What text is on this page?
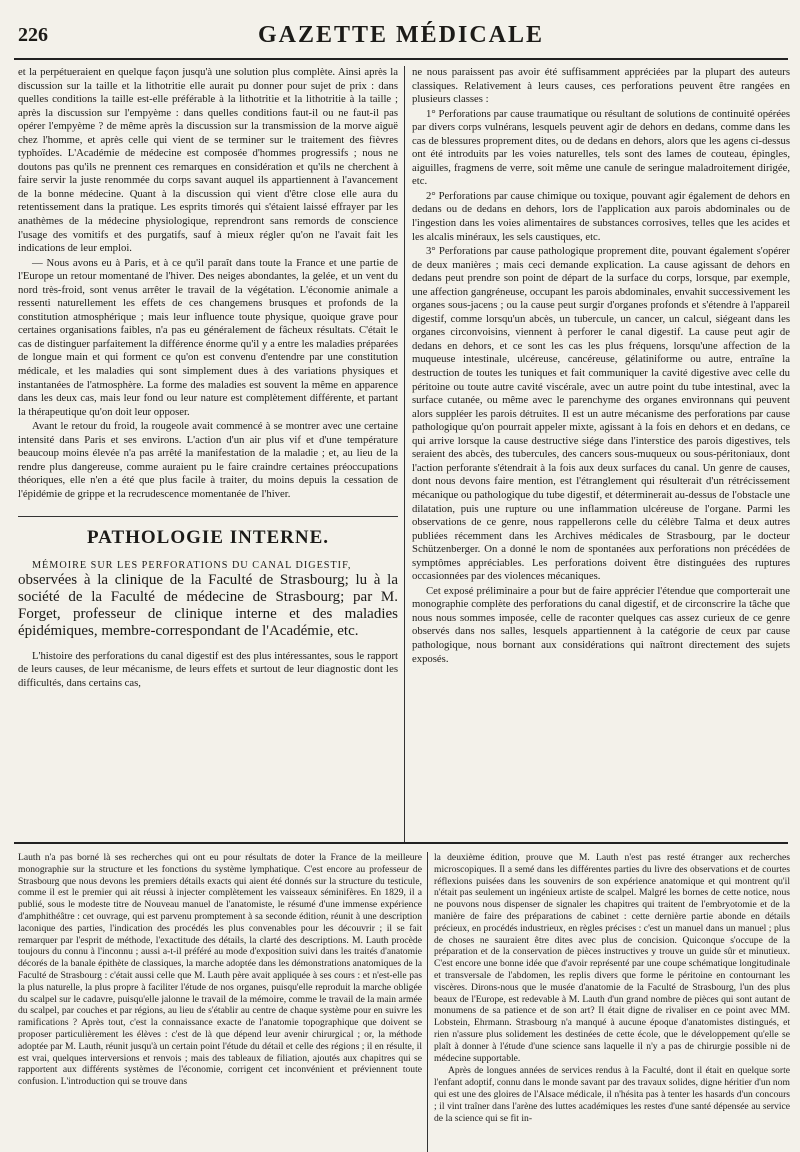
226	GAZETTE MÉDICALE

et la perpétueraient en quelque façon jusqu'à une solution plus complète. Ainsi après la discussion sur la taille et la lithotritie elle aurait pu donner pour sujet de prix : dans quelles conditions la taille est-elle préférable à la lithotritie et la lithotritie à la taille ; après la discussion sur l'empyème : dans quelles conditions faut-il ou ne faut-il pas opérer l'empyème ? de même après la discussion sur la transmission de la morve aiguë chez l'homme, et après celle qui vient de se terminer sur le traitement des fièvres typhoïdes. L'Académie de médecine est composée d'hommes progressifs ; nous ne doutons pas qu'ils ne prennent ces remarques en considération et qu'ils ne cherchent à faire servir la juste renommée du corps savant auquel ils appartiennent à l'avancement de la bonne médecine. Quant à la discussion qui vient d'être close elle aura du retentissement dans la pratique. Les esprits timorés qui s'étaient laissé effrayer par les anathèmes de la médecine physiologique, reprendront sans remords de conscience l'usage des vomitifs et des purgatifs, sauf à mieux régler qu'on ne l'avait fait les indications de leur emploi.

— Nous avons eu à Paris, et à ce qu'il paraît dans toute la France et une partie de l'Europe un retour momentané de l'hiver. Des neiges abondantes, la gelée, et un vent du nord très-froid, sont venus arrêter le travail de la végétation. L'économie animale a ressenti naturellement les effets de ces changemens brusques et profonds de la constitution atmosphérique ; mais leur influence toute physique, quoique grave pour certaines organisations faibles, n'a pas eu généralement de fâcheux résultats. C'était le cas de distinguer parfaitement la différence énorme qu'il y a entre les maladies préparées de longue main et qui forment ce qu'on est convenu d'entendre par une constitution médicale, et les maladies qui sont simplement dues à des variations physiques et instantanées de l'atmosphère. La forme des maladies est souvent la même en apparence dans les deux cas, mais leur fond ou leur nature est complètement différente, et partant la thérapeutique qu'on doit leur opposer.

Avant le retour du froid, la rougeole avait commencé à se montrer avec une certaine intensité dans Paris et ses environs. L'action d'un air plus vif et d'une température beaucoup moins élevée n'a pas arrêté la manifestation de la maladie ; et, au lieu de la rendre plus dangereuse, comme auraient pu le faire craindre certaines préoccupations théoriques, elle n'en a été que plus facile à traiter, du moins depuis la cessation de l'épidémie de grippe et la recrudescence momentanée de l'hiver.

PATHOLOGIE INTERNE.

MÉMOIRE SUR LES PERFORATIONS DU CANAL DIGESTIF,

observées à la clinique de la Faculté de Strasbourg; lu à la société de la Faculté de médecine de Strasbourg; par M. Forget, professeur de clinique interne et des maladies épidémiques, membre-correspondant de l'Académie, etc.

L'histoire des perforations du canal digestif est des plus intéressantes, sous le rapport de leurs causes, de leur mécanisme, de leurs effets et surtout de leur diagnostic dont les difficultés, dans certains cas,

ne nous paraissent pas avoir été suffisamment appréciées par la plupart des auteurs classiques. Relativement à leurs causes, ces perforations peuvent être rangées en plusieurs classes :

1° Perforations par cause traumatique ou résultant de solutions de continuité opérées par divers corps vulnérans, lesquels peuvent agir de dehors en dedans, comme dans les cas de blessures proprement dites, ou de dedans en dehors, alors que les agens ci-dessus ont été introduits par les voies naturelles, tels sont des lames de couteau, épingles, aiguilles, fragmens de verre, soit même une canule de seringue maladroitement dirigée, etc.

2° Perforations par cause chimique ou toxique, pouvant agir également de dehors en dedans ou de dedans en dehors, lors de l'application aux parois abdominales ou de l'ingestion dans les voies alimentaires de substances corrosives, telles que les acides et les alcalis minéraux, les sels caustiques, etc.

3° Perforations par cause pathologique proprement dite, pouvant également s'opérer de deux manières ; mais ceci demande explication. La cause agissant de dehors en dedans peut prendre son point de départ de la surface du corps, lorsque, par exemple, une affection gangréneuse, occupant les parois abdominales, envahit successivement les organes sous-jacens ; ou la cause peut surgir d'organes profonds et s'étendre à l'appareil digestif, comme lorsqu'un abcès, un tubercule, un cancer, un calcul, siégeant dans les organes circonvoisins, viennent à perforer le canal digestif. La cause peut agir de dedans en dehors, et ce sont les cas les plus fréquens, lorsqu'une affection de la muqueuse intestinale, ulcéreuse, cancéreuse, gélatiniforme ou autre, entraîne la destruction de toutes les tuniques et fait communiquer la cavité digestive avec celle du péritoine ou toute autre cavité viscérale, avec un autre point du tube intestinal, avec la surface cutanée, ou même avec le parenchyme des organes environnans qui peuvent alors suppléer les parois détruites. Il est un autre mécanisme des perforations par cause pathologique qu'on pourrait appeler mixte, agissant à la fois en dehors et en dedans, ce qui arrive lorsque la cause destructive siége dans l'interstice des parois digestives, tels seraient des abcès, des tubercules, des cancers sous-muqueux ou sous-péritoniaux, dont l'action perforante s'étendrait à la fois aux deux surfaces du canal. Un genre de causes, dont nous devons faire mention, est l'étranglement qui résulterait d'un rétrécissement mécanique ou pathologique du tube digestif, et déterminerait au-dessus de l'obstacle une dilatation, puis une rupture ou une inflammation ulcéreuse de l'organe. Parmi les observations de ce genre, nous rappellerons celle du célèbre Talma et deux autres publiées récemment dans les Archives médicales de Strasbourg, par le docteur Schützenberger. On a donné le nom de spontanées aux perforations non précédées de symptômes appréciables. Les perforations doivent être distinguées des ruptures occasionnées par des violences mécaniques.

Cet exposé préliminaire a pour but de faire apprécier l'étendue que comporterait une monographie complète des perforations du canal digestif, et de circonscrire la tâche que nous nous sommes imposée, celle de raconter quelques cas assez curieux de ce genre observés dans nos salles, lesquels appartiennent à la catégorie de ceux par cause pathologique, nous bornant aux considérations qui naîtront directement des sujets exposés.

Lauth n'a pas borné là ses recherches qui ont eu pour résultats de doter la France de la meilleure monographie sur la structure et les fonctions du système lymphatique. C'est encore au professeur de Strasbourg que nous devons les premiers détails exacts qui aient été donnés sur la structure du testicule, comme il est le premier qui ait réussi à injecter complètement les vaisseaux séminifères. En 1829, il a publié, sous le modeste titre de Nouveau manuel de l'anatomiste, le résumé d'une immense expérience d'amphithéâtre : cet ouvrage, qui est parvenu promptement à sa seconde édition, réunit à une description laconique des parties, l'indication des procédés les plus convenables pour les découvrir ; il se fait remarquer par l'esprit de méthode, l'exactitude des détails, la clarté des descriptions. M. Lauth procède toujours du connu à l'inconnu ; aussi a-t-il préféré au mode d'exposition suivi dans les traités d'anatomie décorés de la banale épithète de classiques, la marche adoptée dans les démonstrations anatomiques de la Faculté de Strasbourg : c'était aussi celle que M. Lauth père avait appliquée à ses cours : et n'est-elle pas la plus naturelle, la plus propre à faciliter l'étude de nos organes, puisqu'elle reproduit la marche obligée du scalpel sur le cadavre, puisqu'elle jalonne le travail de la mémoire, comme le travail de la main armée du scalpel, par couches et par régions, au lieu de s'établir au centre de chaque système pour en suivre les ramifications ? Après tout, c'est la connaissance exacte de l'anatomie topographique que doivent se proposer particulièrement les élèves : c'est de là que dépend leur avenir chirurgical ; or, la méthode adoptée par M. Lauth, réunit jusqu'à un certain point l'étude du détail et celle des régions ; il en résulte, il est vrai, quelques interversions et renvois ; mais des tableaux de filiation, ajoutés aux chapitres qui se rapportent aux différents systèmes de l'économie, corrigent cet inconvénient et préviennent toute confusion. L'introduction qui se trouve dans

la deuxième édition, prouve que M. Lauth n'est pas resté étranger aux recherches microscopiques. Il a semé dans les différentes parties du livre des observations et de courtes réflexions puisées dans les souvenirs de son expérience anatomique et qui montrent qu'il n'était pas seulement un ingénieux artiste de scalpel. Malgré les bornes de cette notice, nous ne pouvons nous dispenser de signaler les chapitres qui traitent de l'embryotomie et de la manière de faire des préparations de cabinet : cette dernière partie abonde en détails précieux, en procédés industrieux, en règles précises : c'est un manuel dans un manuel ; plus de choses ne sauraient être dites avec plus de concision. Quiconque s'occupe de la préparation et de la conservation de pièces instructives y trouve un guide sûr et minutieux. C'est encore une bonne idée que d'avoir représenté par une coupe schématique longitudinale et transversale de l'abdomen, les replis divers que forme le péritoine en contournant les viscères. Dirons-nous que le musée d'anatomie de la Faculté de Strasbourg, l'un des plus beaux de l'Europe, est redevable à M. Lauth d'un grand nombre de pièces qui sont autant de monumens de sa patience et de son art? Il était digne de rivaliser en ce point avec MM. Lobstein, Ehrmann. Strasbourg n'a manqué à aucune époque d'anatomistes distingués, et rien n'assure plus solidement les destinées de cette école, que le développement qu'elle se plaît à donner à l'étude d'une science sans laquelle il n'y a pas de chirurgie possible ni de médecine supportable.

Après de longues années de services rendus à la Faculté, dont il était en quelque sorte l'enfant adoptif, connu dans le monde savant par des travaux solides, digne héritier d'un nom qui est une des gloires de l'Alsace médicale, il n'hésita pas à tenter les hasards d'un concours ; il vint traîner dans l'arène des luttes académiques les restes d'une santé dépensée au service de la science qui se fit in-
